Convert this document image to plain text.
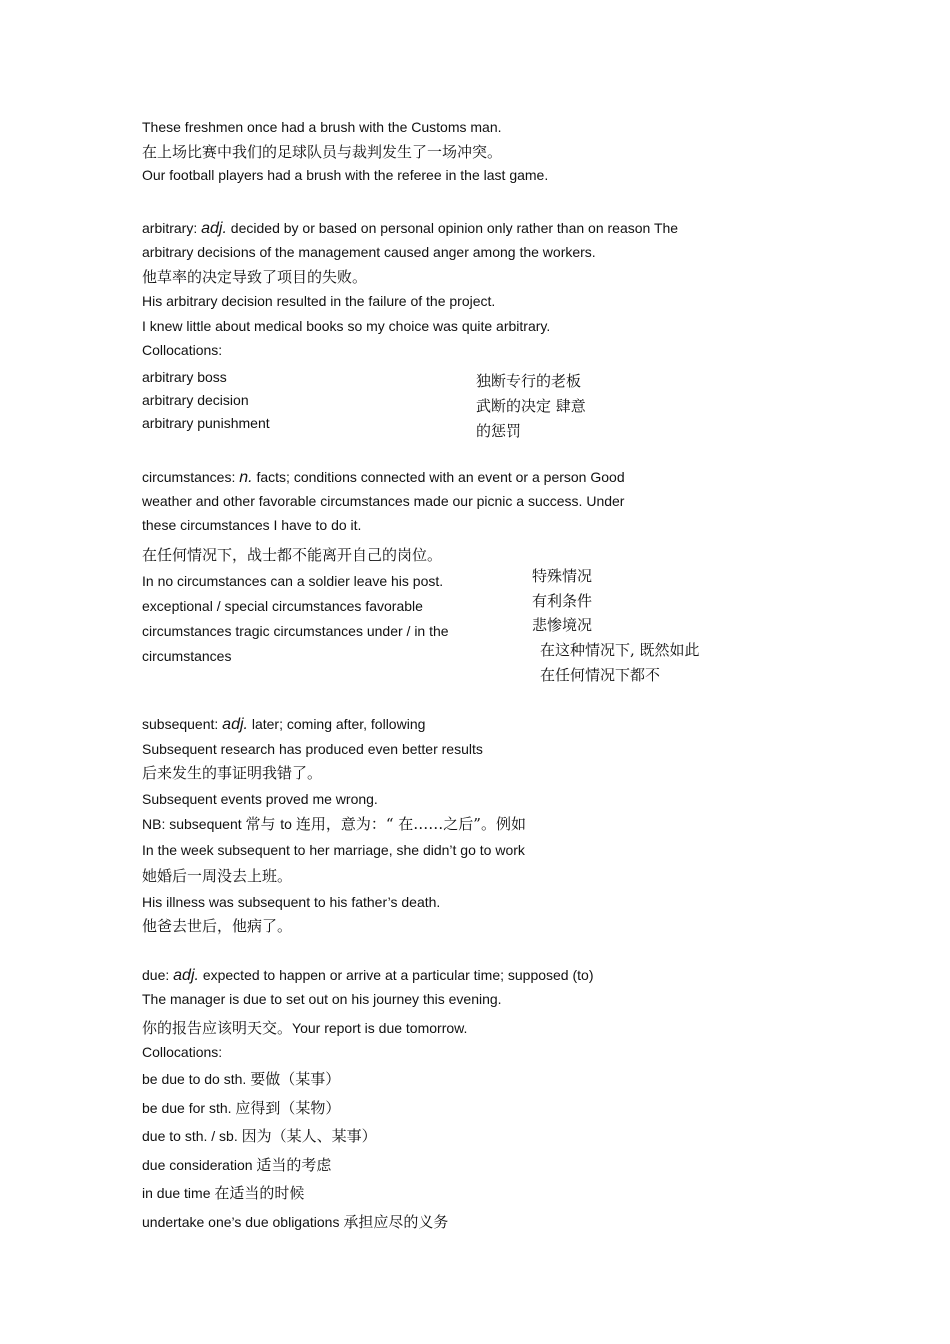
These freshmen once had a brush with the Customs man.
在上场比赛中我们的足球队员与裁判发生了一场冲突。
Our football players had a brush with the referee in the last game.
arbitrary: adj. decided by or based on personal opinion only rather than on reason The
arbitrary decisions of the management caused anger among the workers.
他草率的决定导致了项目的失败。
His arbitrary decision resulted in the failure of the project.
I knew little about medical books so my choice was quite arbitrary.
Collocations:
arbitrary boss
arbitrary decision
arbitrary punishment
独断专行的老板
武断的决定 肆意
的惩罚
circumstances: n. facts; conditions connected with an event or a person Good
weather and other favorable circumstances made our picnic a success. Under
these circumstances I have to do it.
在任何情况下，战士都不能离开自己的岗位。
In no circumstances can a soldier leave his post.
exceptional / special circumstances favorable
circumstances tragic circumstances under / in the
circumstances
特殊情况
有利条件
悲惨境况
在这种情况下, 既然如此
在任何情况下都不
subsequent: adj. later; coming after, following
Subsequent research has produced even better results
后来发生的事证明我错了。
Subsequent events proved me wrong.
NB: subsequent 常与 to 连用，意为：“ 在……之后”。例如
In the week subsequent to her marriage, she didn’t go to work
她婚后一周没去上班。
His illness was subsequent to his father’s death.
他爸去世后，他病了。
due: adj. expected to happen or arrive at a particular time; supposed (to)
The manager is due to set out on his journey this evening.
你的报告应该明天交。Your report is due tomorrow.
Collocations:
be due to do sth. 要做（某事）
be due for sth. 应得到（某物）
due to sth. / sb. 因为（某人、某事）
due consideration 适当的考虑
in due time 在适当的时候
undertake one’s due obligations 承担应尽的义务
